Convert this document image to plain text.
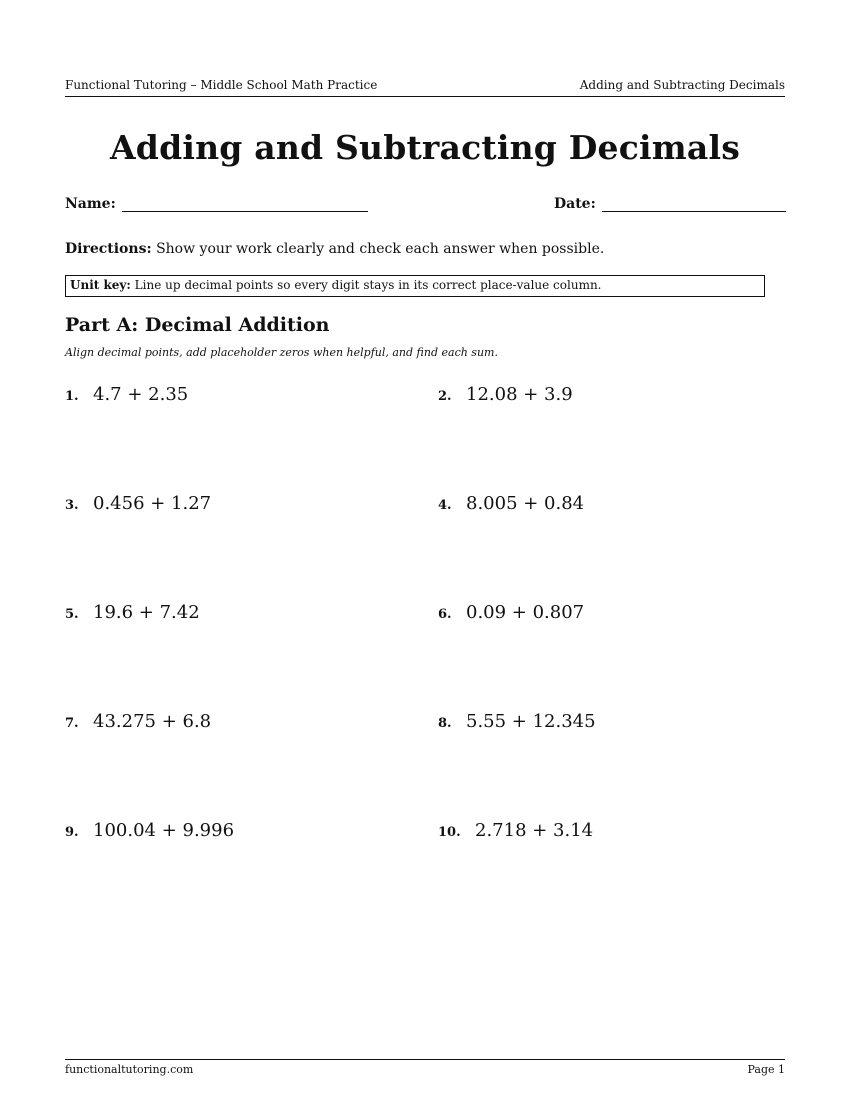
Functional Tutoring – Middle School Math Practice	Adding and Subtracting Decimals
Adding and Subtracting Decimals
Name:	Date:
Directions: Show your work clearly and check each answer when possible.
Unit key: Line up decimal points so every digit stays in its correct place-value column.
Part A: Decimal Addition
Align decimal points, add placeholder zeros when helpful, and find each sum.
1. 4.7 + 2.35	2. 12.08 + 3.9
3. 0.456 + 1.27	4. 8.005 + 0.84
5. 19.6 + 7.42	6. 0.09 + 0.807
7. 43.275 + 6.8	8. 5.55 + 12.345
9. 100.04 + 9.996	10. 2.718 + 3.14
functionaltutoring.com	Page 1
